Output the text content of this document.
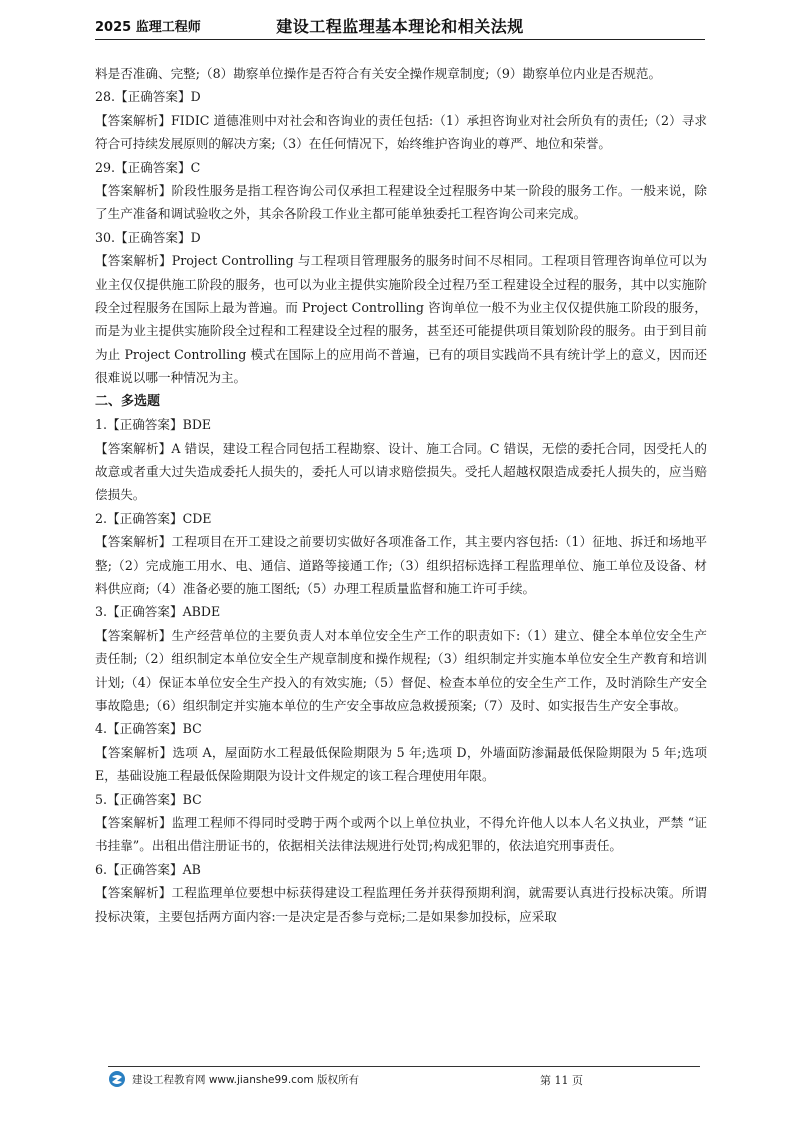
2025 监理工程师	建设工程监理基本理论和相关法规

料是否准确、完整;（8）勘察单位操作是否符合有关安全操作规章制度;（9）勘察单位内业是否规范。

28.【正确答案】D

【答案解析】FIDIC 道德准则中对社会和咨询业的责任包括:（1）承担咨询业对社会所负有的责任;（2）寻求符合可持续发展原则的解决方案;（3）在任何情况下，始终维护咨询业的尊严、地位和荣誉。

29.【正确答案】C

【答案解析】阶段性服务是指工程咨询公司仅承担工程建设全过程服务中某一阶段的服务工作。一般来说，除了生产准备和调试验收之外，其余各阶段工作业主都可能单独委托工程咨询公司来完成。

30.【正确答案】D

【答案解析】Project Controlling 与工程项目管理服务的服务时间不尽相同。工程项目管理咨询单位可以为业主仅仅提供施工阶段的服务，也可以为业主提供实施阶段全过程乃至工程建设全过程的服务，其中以实施阶段全过程服务在国际上最为普遍。而 Project Controlling 咨询单位一般不为业主仅仅提供施工阶段的服务，而是为业主提供实施阶段全过程和工程建设全过程的服务，甚至还可能提供项目策划阶段的服务。由于到目前为止 Project Controlling 模式在国际上的应用尚不普遍，已有的项目实践尚不具有统计学上的意义，因而还很难说以哪一种情况为主。

二、多选题

1.【正确答案】BDE

【答案解析】A 错误，建设工程合同包括工程勘察、设计、施工合同。C 错误，无偿的委托合同，因受托人的故意或者重大过失造成委托人损失的，委托人可以请求赔偿损失。受托人超越权限造成委托人损失的，应当赔偿损失。

2.【正确答案】CDE

【答案解析】工程项目在开工建设之前要切实做好各项准备工作，其主要内容包括:（1）征地、拆迁和场地平整;（2）完成施工用水、电、通信、道路等接通工作;（3）组织招标选择工程监理单位、施工单位及设备、材料供应商;（4）准备必要的施工图纸;（5）办理工程质量监督和施工许可手续。

3.【正确答案】ABDE

【答案解析】生产经营单位的主要负责人对本单位安全生产工作的职责如下:（1）建立、健全本单位安全生产责任制;（2）组织制定本单位安全生产规章制度和操作规程;（3）组织制定并实施本单位安全生产教育和培训计划;（4）保证本单位安全生产投入的有效实施;（5）督促、检查本单位的安全生产工作，及时消除生产安全事故隐患;（6）组织制定并实施本单位的生产安全事故应急救援预案;（7）及时、如实报告生产安全事故。

4.【正确答案】BC

【答案解析】选项 A，屋面防水工程最低保险期限为 5 年;选项 D，外墙面防渗漏最低保险期限为 5 年;选项 E，基础设施工程最低保险期限为设计文件规定的该工程合理使用年限。

5.【正确答案】BC

【答案解析】监理工程师不得同时受聘于两个或两个以上单位执业，不得允许他人以本人名义执业，严禁 “证书挂靠”。出租出借注册证书的，依据相关法律法规进行处罚;构成犯罪的，依法追究刑事责任。

6.【正确答案】AB

【答案解析】工程监理单位要想中标获得建设工程监理任务并获得预期利润，就需要认真进行投标决策。所谓投标决策，主要包括两方面内容:一是决定是否参与竞标;二是如果参加投标，应采取

建设工程教育网 www.jianshe99.com 版权所有	第 11 页
